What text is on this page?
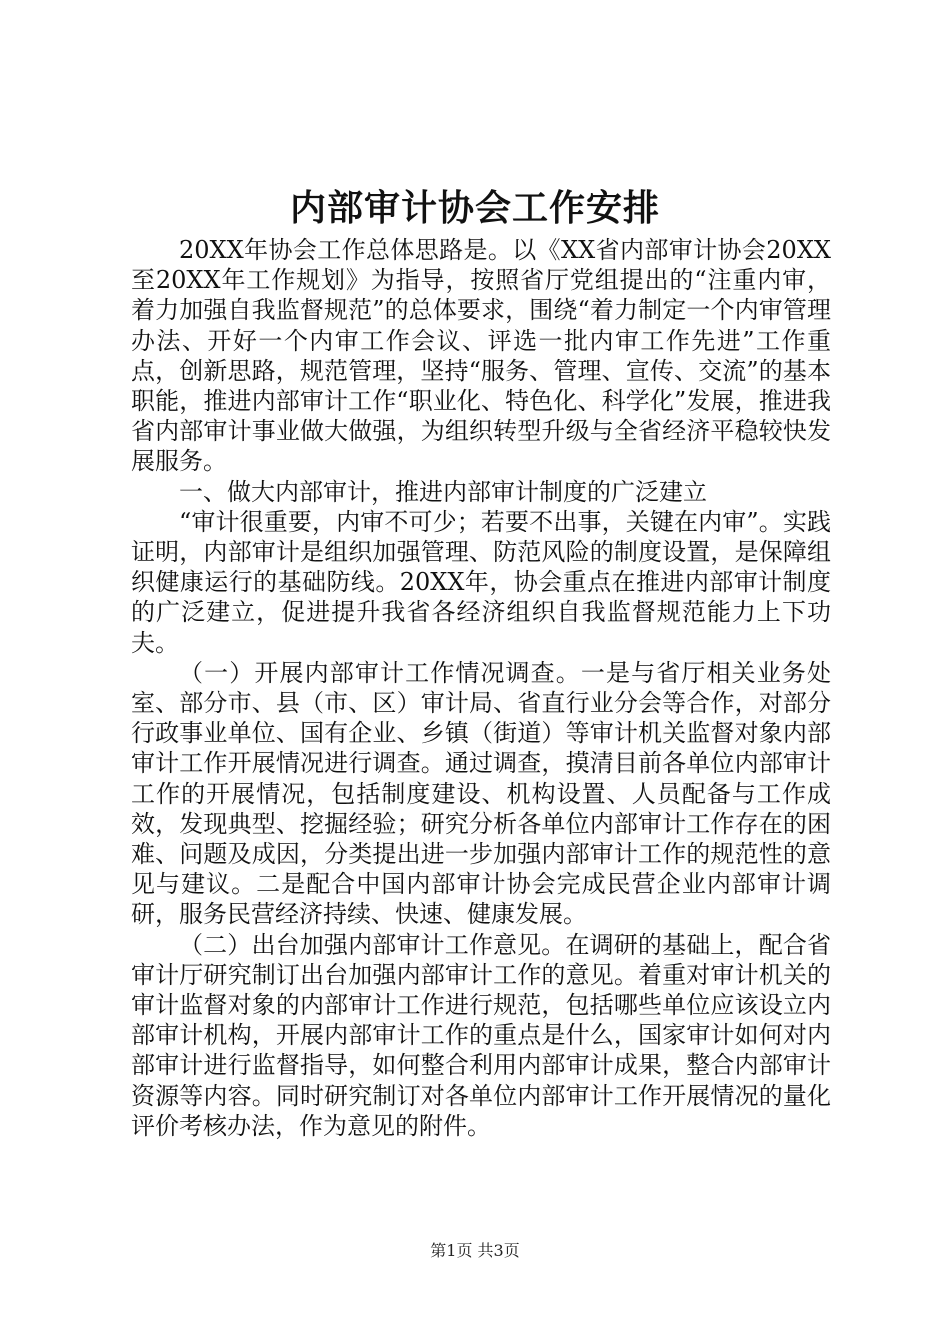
内部审计协会工作安排

20XX年协会工作总体思路是。以《XX省内部审计协会20XX至20XX年工作规划》为指导，按照省厅党组提出的“注重内审，着力加强自我监督规范”的总体要求，围绕“着力制定一个内审管理办法、开好一个内审工作会议、评选一批内审工作先进”工作重点，创新思路，规范管理，坚持“服务、管理、宣传、交流”的基本职能，推进内部审计工作“职业化、特色化、科学化”发展，推进我省内部审计事业做大做强，为组织转型升级与全省经济平稳较快发展服务。

一、做大内部审计，推进内部审计制度的广泛建立

“审计很重要，内审不可少；若要不出事，关键在内审”。实践证明，内部审计是组织加强管理、防范风险的制度设置，是保障组织健康运行的基础防线。20XX年，协会重点在推进内部审计制度的广泛建立，促进提升我省各经济组织自我监督规范能力上下功夫。

（一）开展内部审计工作情况调查。一是与省厅相关业务处室、部分市、县（市、区）审计局、省直行业分会等合作，对部分行政事业单位、国有企业、乡镇（街道）等审计机关监督对象内部审计工作开展情况进行调查。通过调查，摸清目前各单位内部审计工作的开展情况，包括制度建设、机构设置、人员配备与工作成效，发现典型、挖掘经验；研究分析各单位内部审计工作存在的困难、问题及成因，分类提出进一步加强内部审计工作的规范性的意见与建议。二是配合中国内部审计协会完成民营企业内部审计调研，服务民营经济持续、快速、健康发展。

（二）出台加强内部审计工作意见。在调研的基础上，配合省审计厅研究制订出台加强内部审计工作的意见。着重对审计机关的审计监督对象的内部审计工作进行规范，包括哪些单位应该设立内部审计机构，开展内部审计工作的重点是什么，国家审计如何对内部审计进行监督指导，如何整合利用内部审计成果，整合内部审计资源等内容。同时研究制订对各单位内部审计工作开展情况的量化评价考核办法，作为意见的附件。

第1页 共3页
